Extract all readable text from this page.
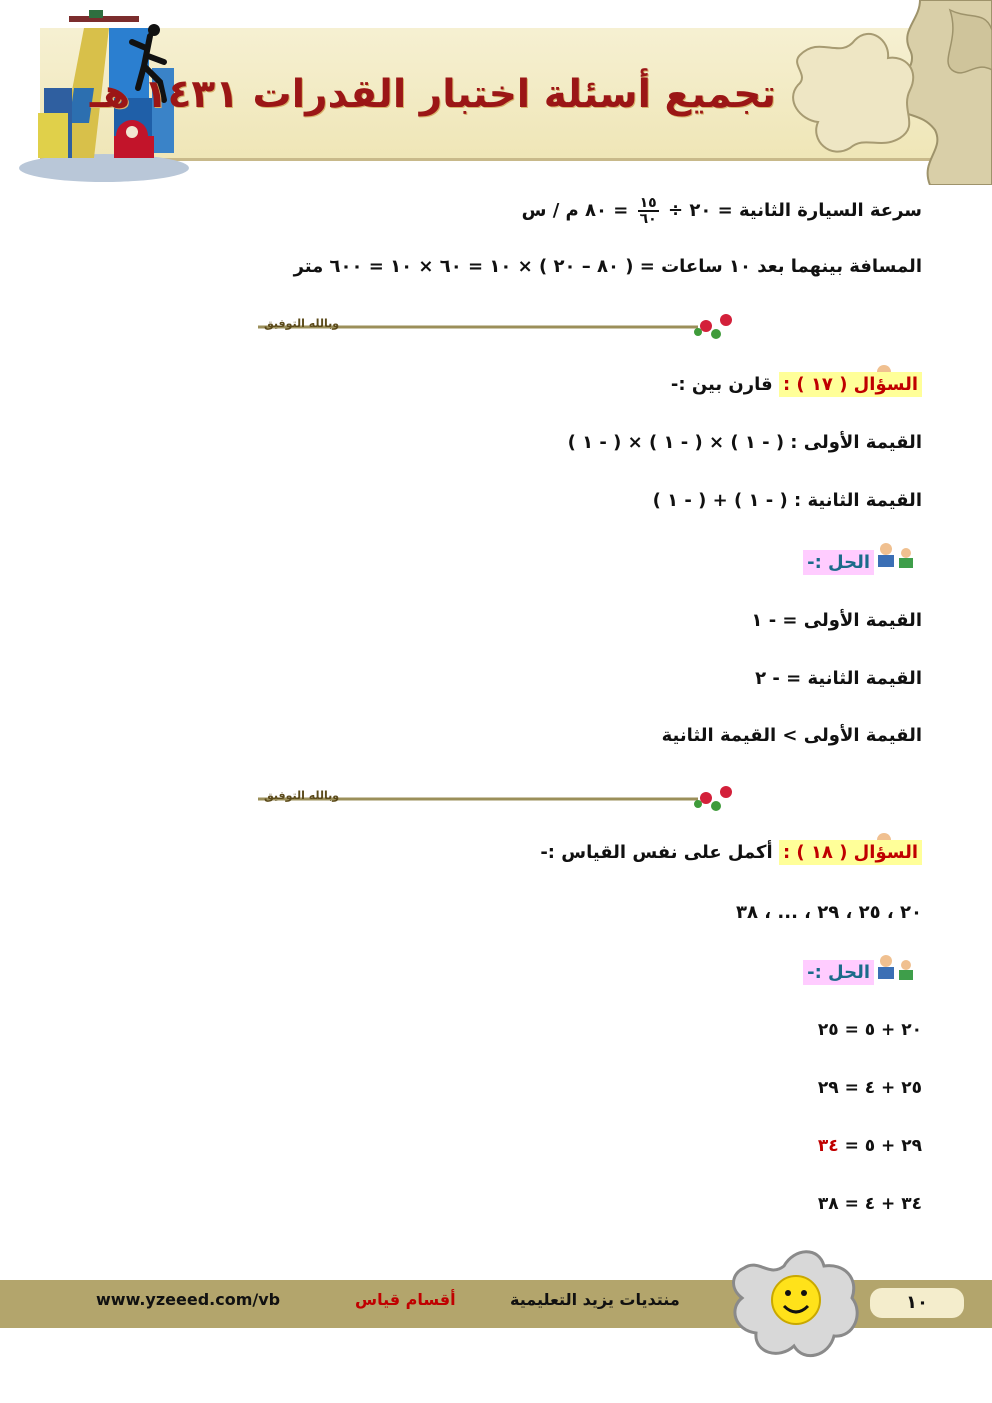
تجميع أسئلة اختبار القدرات ١٤٣١ هـ
سرعة السيارة الثانية = ٢٠ ÷
$\frac{١٥}{٦٠}$
= ٨٠ م / س
المسافة بينهما بعد ١٠ ساعات = ( ٨٠ – ٢٠ ) × ١٠ = ٦٠ × ١٠ = ٦٠٠ متر
وبالله التوفيق
السؤال ( ١٧ ) : قارن بين :-
القيمة الأولى : ( - ١ ) × ( - ١ ) × ( - ١ )
القيمة الثانية : ( - ١ ) + ( - ١ )
الحل :-
القيمة الأولى = - ١
القيمة الثانية = - ٢
القيمة الأولى > القيمة الثانية
وبالله التوفيق
السؤال ( ١٨ ) : أكمل على نفس القياس :-
٢٠ ، ٢٥ ، ٢٩ ، ... ، ٣٨
الحل :-
٢٠ + ٥ = ٢٥
٢٥ + ٤ = ٢٩
٢٩ + ٥ = ٣٤
٣٤ + ٤ = ٣٨
www.yzeeed.com/vb	أقسام قياس	منتديات يزيد التعليمية	١٠
